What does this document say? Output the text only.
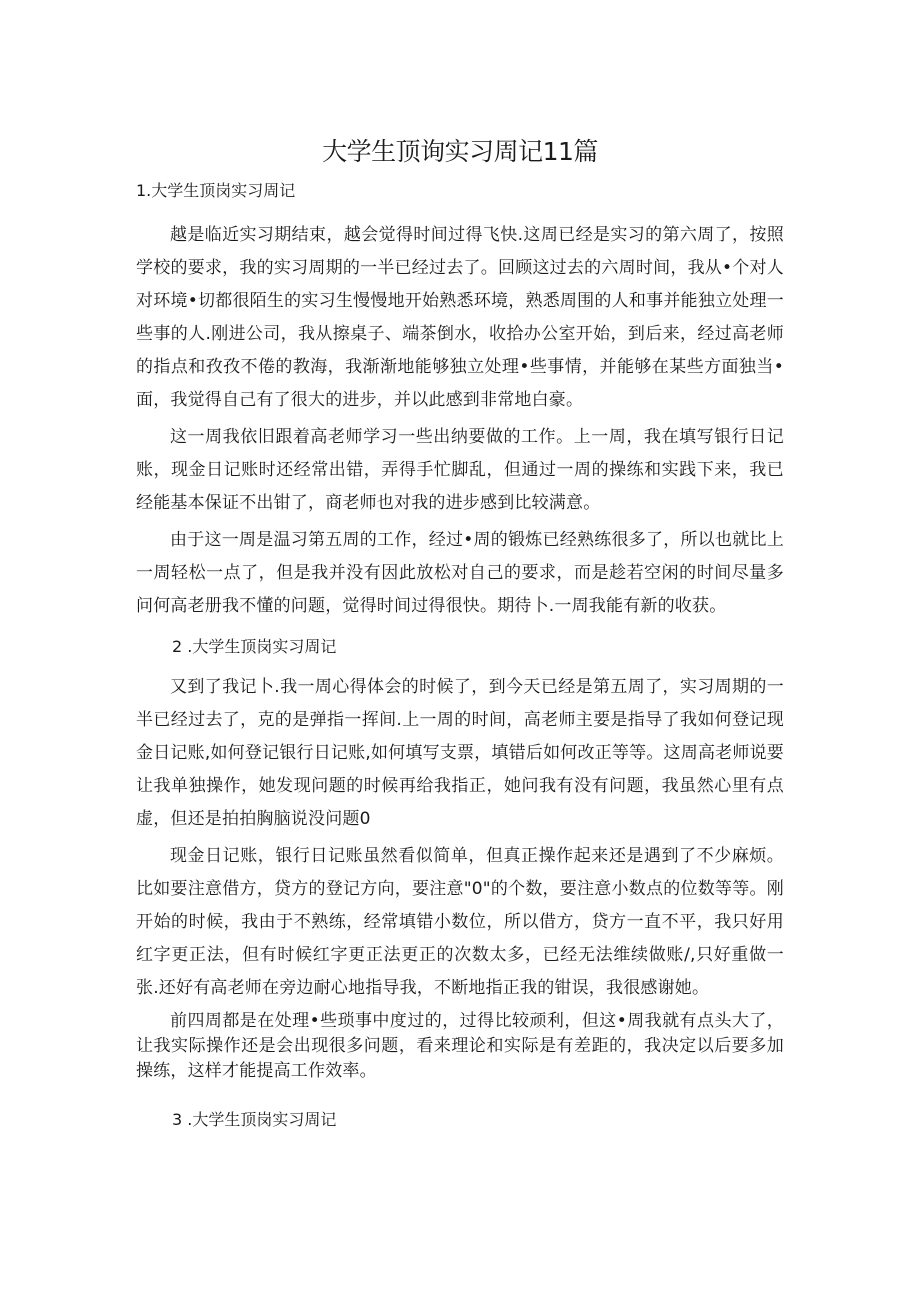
大学生顶询实习周记11篇
1.大学生顶岗实习周记

越是临近实习期结束，越会觉得时间过得飞快.这周已经是实习的第六周了，按照学校的要求，我的实习周期的一半已经过去了。回顾这过去的六周时间，我从•个对人对环境•切都很陌生的实习生慢慢地开始熟悉环境，熟悉周围的人和事并能独立处理一些事的人.刚进公司，我从擦桌子、端茶倒水，收拾办公室开始，到后来，经过高老师的指点和孜孜不倦的教海，我渐渐地能够独立处理•些事情，并能够在某些方面独当•面，我觉得自己有了很大的进步，并以此感到非常地白豪。

这一周我依旧跟着高老师学习一些出纳要做的工作。上一周，我在填写银行日记账，现金日记账时还经常出错，弄得手忙脚乱，但通过一周的操练和实践下来，我已经能基本保证不出钳了，商老师也对我的进步感到比较满意。

由于这一周是温习第五周的工作，经过•周的锻炼已经熟练很多了，所以也就比上一周轻松一点了，但是我并没有因此放松对自己的要求，而是趁若空闲的时间尽量多问何高老册我不懂的问题，觉得时间过得很快。期待卜.一周我能有新的收获。

2 .大学生顶岗实习周记

又到了我记卜.我一周心得体会的时候了，到今天已经是第五周了，实习周期的一半已经过去了，克的是弹指一挥间.上一周的时间，高老师主要是指导了我如何登记现金日记账,如何登记银行日记账,如何填写支票，填错后如何改正等等。这周高老师说要让我单独操作，她发现问题的时候再给我指正，她问我有没有问题，我虽然心里有点虚，但还是拍拍胸脑说没问题0

现金日记账，银行日记账虽然看似简单，但真正操作起来还是遇到了不少麻烦。比如要注意借方，贷方的登记方向，要注意"0"的个数，要注意小数点的位数等等。刚开始的时候，我由于不熟练，经常填错小数位，所以借方，贷方一直不平，我只好用红字更正法，但有时候红字更正法更正的次数太多，已经无法维续做账/,只好重做一张.还好有高老师在旁边耐心地指导我，不断地指正我的钳误，我很感谢她。

前四周都是在处理•些琐事中度过的，过得比较顽利，但这•周我就有点头大了，让我实际操作还是会出现很多问题，看来理论和实际是有差距的，我决定以后要多加操练，这样才能提高工作效率。

3 .大学生顶岗实习周记
